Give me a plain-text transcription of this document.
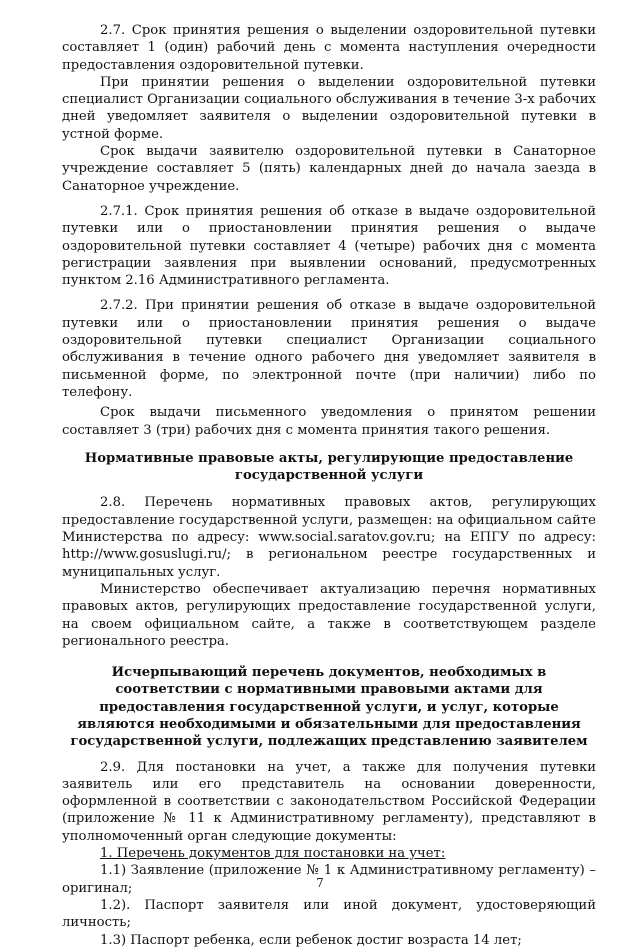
2.7. Срок принятия решения о выделении оздоровительной путевки составляет 1 (один) рабочий день с момента наступления очередности предоставления оздоровительной путевки.

При принятии решения о выделении оздоровительной путевки специалист Организации социального обслуживания в течение 3-х рабочих дней уведомляет заявителя о выделении оздоровительной путевки в устной форме.

Срок выдачи заявителю оздоровительной путевки в Санаторное учреждение составляет 5 (пять) календарных дней до начала заезда в Санаторное учреждение.

2.7.1. Срок принятия решения об отказе в выдаче оздоровительной путевки или о приостановлении принятия решения о выдаче оздоровительной путевки составляет 4 (четыре) рабочих дня с момента регистрации заявления при выявлении оснований, предусмотренных пунктом 2.16 Административного регламента.

2.7.2. При принятии решения об отказе в выдаче оздоровительной путевки или о приостановлении принятия решения о выдаче оздоровительной путевки специалист Организации социального обслуживания в течение одного рабочего дня уведомляет заявителя в письменной форме, по электронной почте (при наличии) либо по телефону.

Срок выдачи письменного уведомления о принятом решении составляет 3 (три) рабочих дня с момента принятия такого решения.

Нормативные правовые акты, регулирующие предоставление государственной услуги

2.8. Перечень нормативных правовых актов, регулирующих предоставление государственной услуги, размещен: на официальном сайте Министерства по адресу: www.social.saratov.gov.ru; на ЕПГУ по адресу: http://www.gosuslugi.ru/; в региональном реестре государственных и муниципальных услуг.

Министерство обеспечивает актуализацию перечня нормативных правовых актов, регулирующих предоставление государственной услуги, на своем официальном сайте, а также в соответствующем разделе регионального реестра.

Исчерпывающий перечень документов, необходимых в соответствии с нормативными правовыми актами для предоставления государственной услуги, и услуг, которые являются необходимыми и обязательными для предоставления государственной услуги, подлежащих представлению заявителем

2.9. Для постановки на учет, а также для получения путевки заявитель или его представитель на основании доверенности, оформленной в соответствии с законодательством Российской Федерации (приложение № 11 к Административному регламенту), представляют в уполномоченный орган следующие документы:

1. Перечень документов для постановки на учет:

1.1) Заявление (приложение № 1 к Административному регламенту) – оригинал;

1.2). Паспорт заявителя или иной документ, удостоверяющий личность;

1.3) Паспорт ребенка, если ребенок достиг возраста 14 лет;

7
